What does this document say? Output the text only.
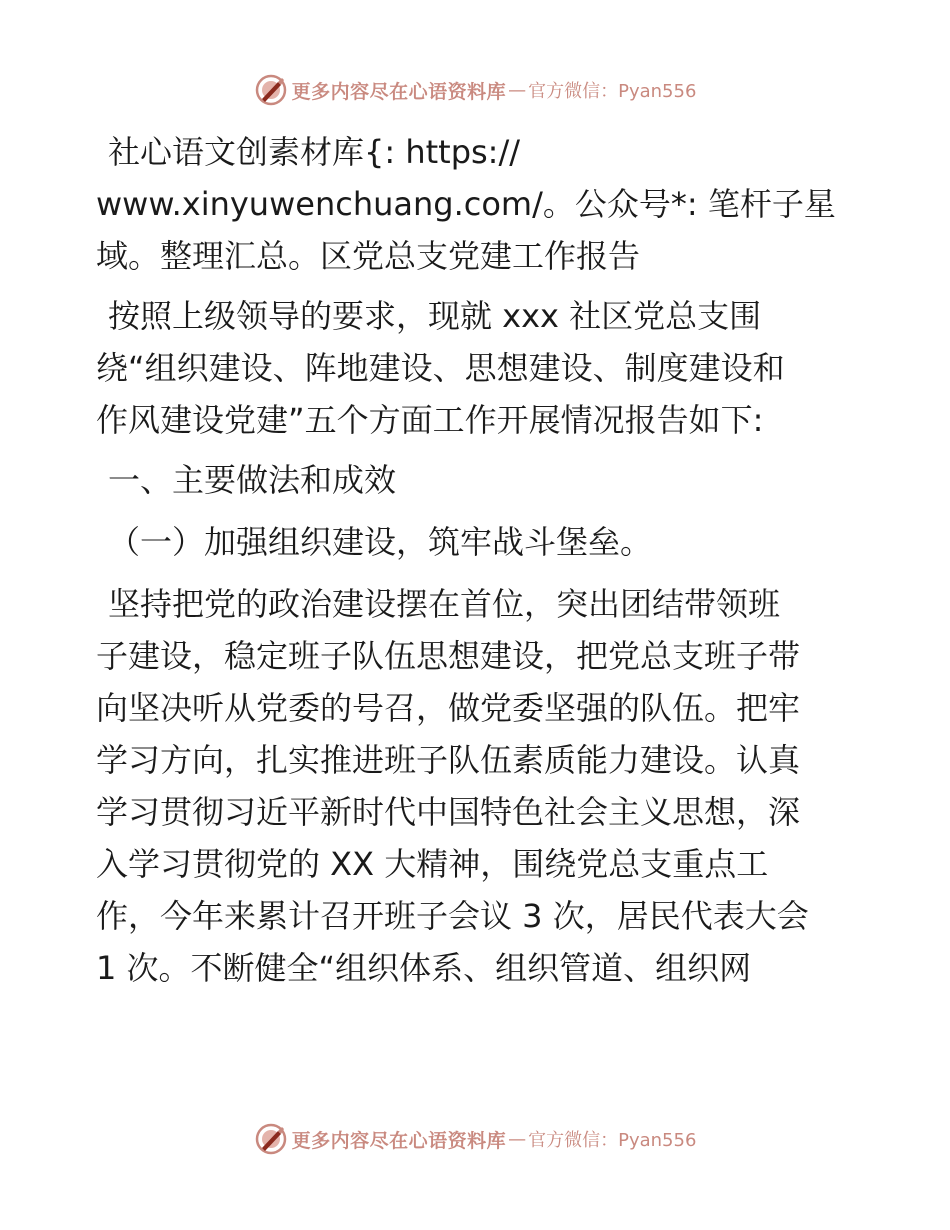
更多内容尽在心语资料库 — 官方微信：Pyan556
社心语文创素材库{: https://
www.xinyuwenchuang.com/。公众号*: 笔杆子星
域。整理汇总。区党总支党建工作报告
按照上级领导的要求，现就 xxx 社区党总支围
绕“组织建设、阵地建设、思想建设、制度建设和
作风建设党建”五个方面工作开展情况报告如下:
一、主要做法和成效
（一）加强组织建设，筑牢战斗堡垒。
坚持把党的政治建设摆在首位，突出团结带领班
子建设，稳定班子队伍思想建设，把党总支班子带
向坚决听从党委的号召，做党委坚强的队伍。把牢
学习方向，扎实推进班子队伍素质能力建设。认真
学习贯彻习近平新时代中国特色社会主义思想，深
入学习贯彻党的 XX 大精神，围绕党总支重点工
作，今年来累计召开班子会议 3 次，居民代表大会
1 次。不断健全“组织体系、组织管道、组织网
更多内容尽在心语资料库 — 官方微信：Pyan556
